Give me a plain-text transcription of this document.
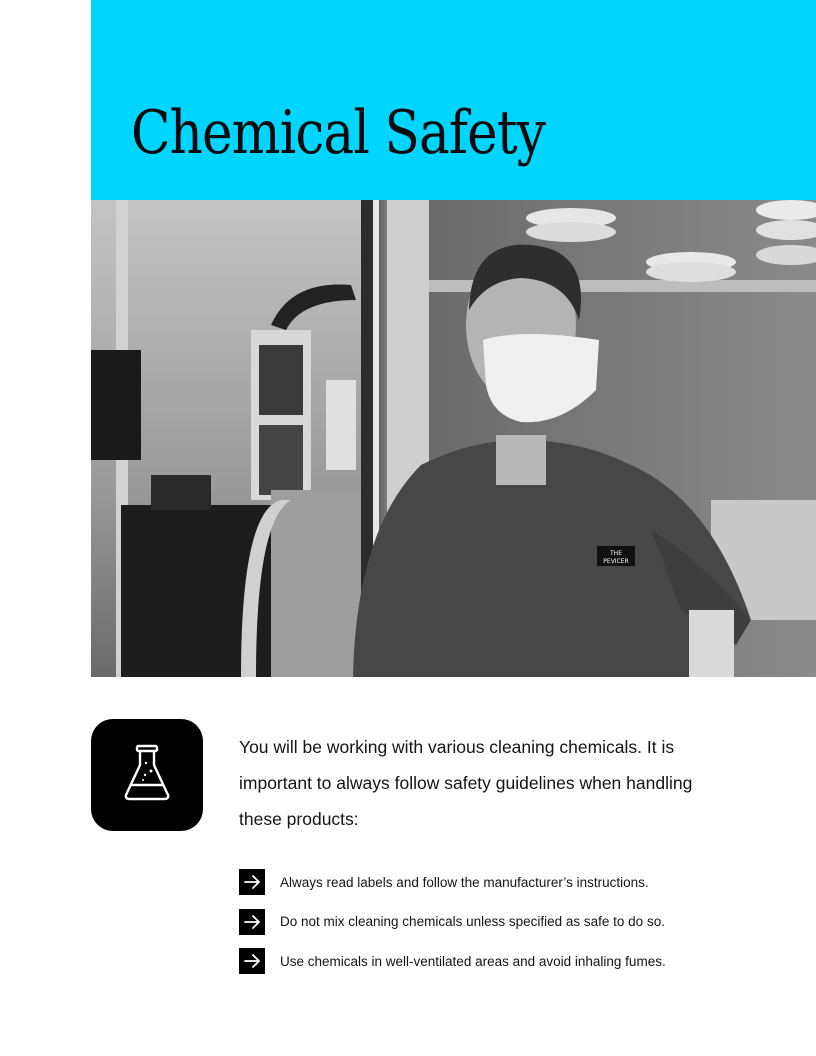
Chemical Safety
THE
PEVICER

You will be working with various cleaning chemicals. It is important to always follow safety guidelines when handling these products:

Always read labels and follow the manufacturer’s instructions.
Do not mix cleaning chemicals unless specified as safe to do so.
Use chemicals in well-ventilated areas and avoid inhaling fumes.
